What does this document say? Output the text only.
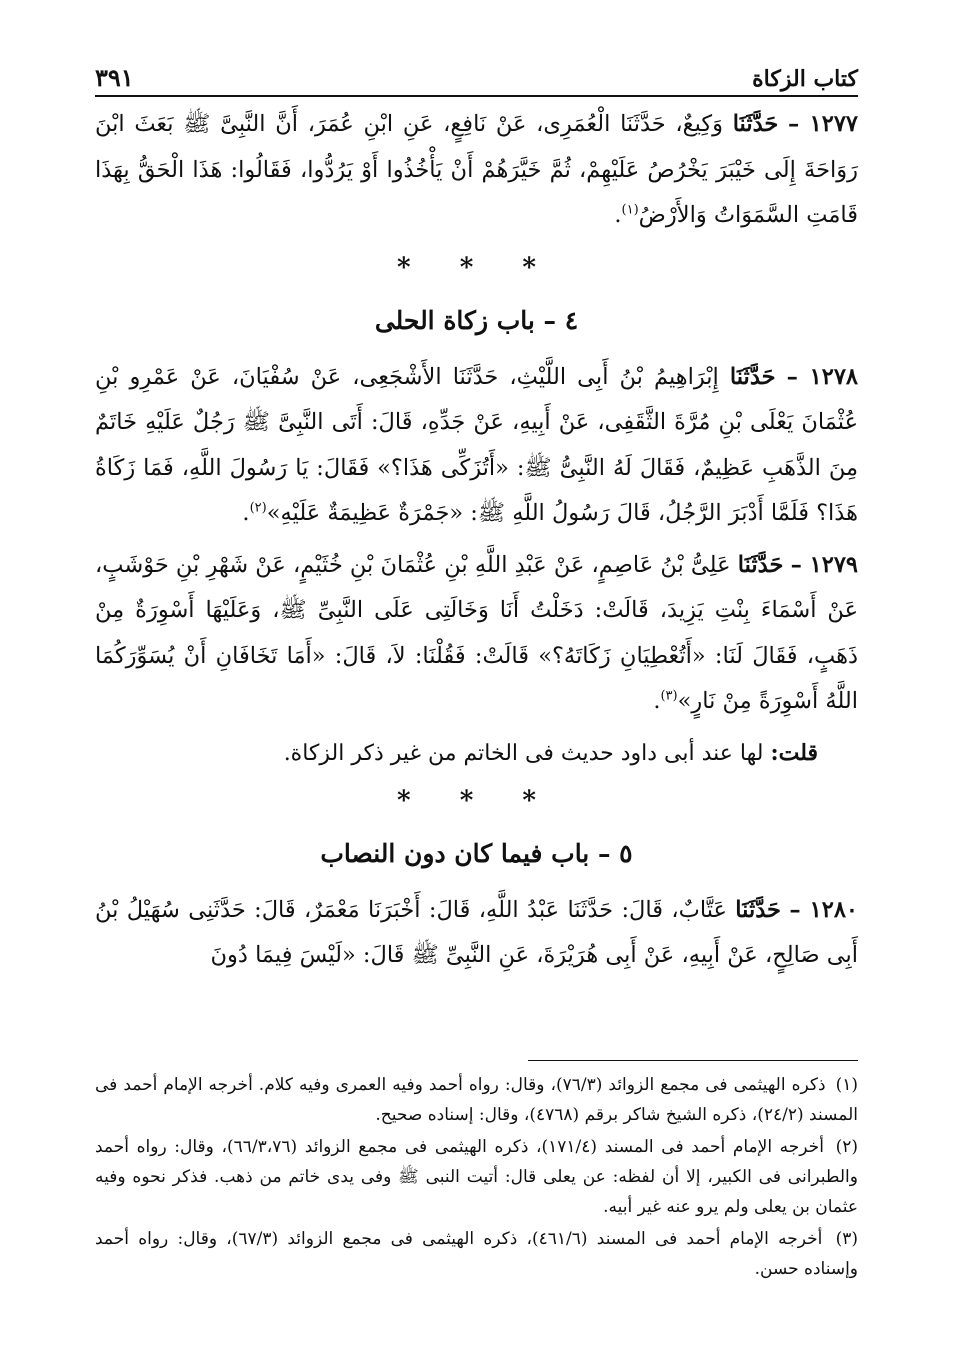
كتاب الزكاة
٣٩١

١٢٧٧ – حَدَّثَنَا وَكِيعٌ، حَدَّثَنَا الْعُمَرِى، عَنْ نَافِعٍ، عَنِ ابْنِ عُمَرَ، أَنَّ النَّبِىَّ ﷺ بَعَثَ ابْنَ رَوَاحَةَ إِلَى خَيْبَرَ يَخْرُصُ عَلَيْهِمْ، ثُمَّ خَيَّرَهُمْ أَنْ يَأْخُذُوا أَوْ يَرُدُّوا، فَقَالُوا: هَذَا الْحَقُّ بِهَذَا قَامَتِ السَّمَوَاتُ وَالأَرْضُ$^{(١)}$.

* * *
٤ – باب زكاة الحلى

١٢٧٨ – حَدَّثَنَا إِبْرَاهِيمُ بْنُ أَبِى اللَّيْثِ، حَدَّثَنَا الأَشْجَعِى، عَنْ سُفْيَانَ، عَنْ عَمْرِو بْنِ عُثْمَانَ يَعْلَى بْنِ مُرَّةَ الثَّقَفِى، عَنْ أَبِيهِ، عَنْ جَدِّهِ، قَالَ: أَتَى النَّبِىَّ ﷺ رَجُلٌ عَلَيْهِ خَاتَمٌ مِنَ الذَّهَبِ عَظِيمٌ، فَقَالَ لَهُ النَّبِىُّ ﷺ: «أَتُزَكِّى هَذَا؟» فَقَالَ: يَا رَسُولَ اللَّهِ، فَمَا زَكَاةُ هَذَا؟ فَلَمَّا أَدْبَرَ الرَّجُلُ، قَالَ رَسُولُ اللَّهِ ﷺ: «جَمْرَةٌ عَظِيمَةٌ عَلَيْهِ»$^{(٢)}$.

١٢٧٩ – حَدَّثَنَا عَلِىُّ بْنُ عَاصِمٍ، عَنْ عَبْدِ اللَّهِ بْنِ عُثْمَانَ بْنِ خُثَيْمٍ، عَنْ شَهْرِ بْنِ حَوْشَبٍ، عَنْ أَسْمَاءَ بِنْتِ يَزِيدَ، قَالَتْ: دَخَلْتُ أَنَا وَخَالَتِى عَلَى النَّبِىِّ ﷺ، وَعَلَيْهَا أَسْوِرَةٌ مِنْ ذَهَبٍ، فَقَالَ لَنَا: «أَتُعْطِيَانِ زَكَاتَهُ؟» قَالَتْ: فَقُلْنَا: لاَ، قَالَ: «أَمَا تَخَافَانِ أَنْ يُسَوِّرَكُمَا اللَّهُ أَسْوِرَةً مِنْ نَارٍ»$^{(٣)}$.

قلت: لها عند أبى داود حديث فى الخاتم من غير ذكر الزكاة.

* * *
٥ – باب فيما كان دون النصاب

١٢٨٠ – حَدَّثَنَا عَتَّابٌ، قَالَ: حَدَّثَنَا عَبْدُ اللَّهِ، قَالَ: أَخْبَرَنَا مَعْمَرٌ، قَالَ: حَدَّثَنِى سُهَيْلُ بْنُ أَبِى صَالِحٍ، عَنْ أَبِيهِ، عَنْ أَبِى هُرَيْرَةَ، عَنِ النَّبِىِّ ﷺ قَالَ: «لَيْسَ فِيمَا دُونَ

(١) ذكره الهيثمى فى مجمع الزوائد (٧٦/٣)، وقال: رواه أحمد وفيه العمرى وفيه كلام. أخرجه الإمام أحمد فى المسند (٢٤/٢)، ذكره الشيخ شاكر برقم (٤٧٦٨)، وقال: إسناده صحيح.

(٢) أخرجه الإمام أحمد فى المسند (١٧١/٤)، ذكره الهيثمى فى مجمع الزوائد (٦٦/٣،٧٦)، وقال: رواه أحمد والطبرانى فى الكبير، إلا أن لفظه: عن يعلى قال: أتيت النبى ﷺ وفى يدى خاتم من ذهب. فذكر نحوه وفيه عثمان بن يعلى ولم يرو عنه غير أبيه.

(٣) أخرجه الإمام أحمد فى المسند (٤٦١/٦)، ذكره الهيثمى فى مجمع الزوائد (٦٧/٣)، وقال: رواه أحمد وإسناده حسن.
